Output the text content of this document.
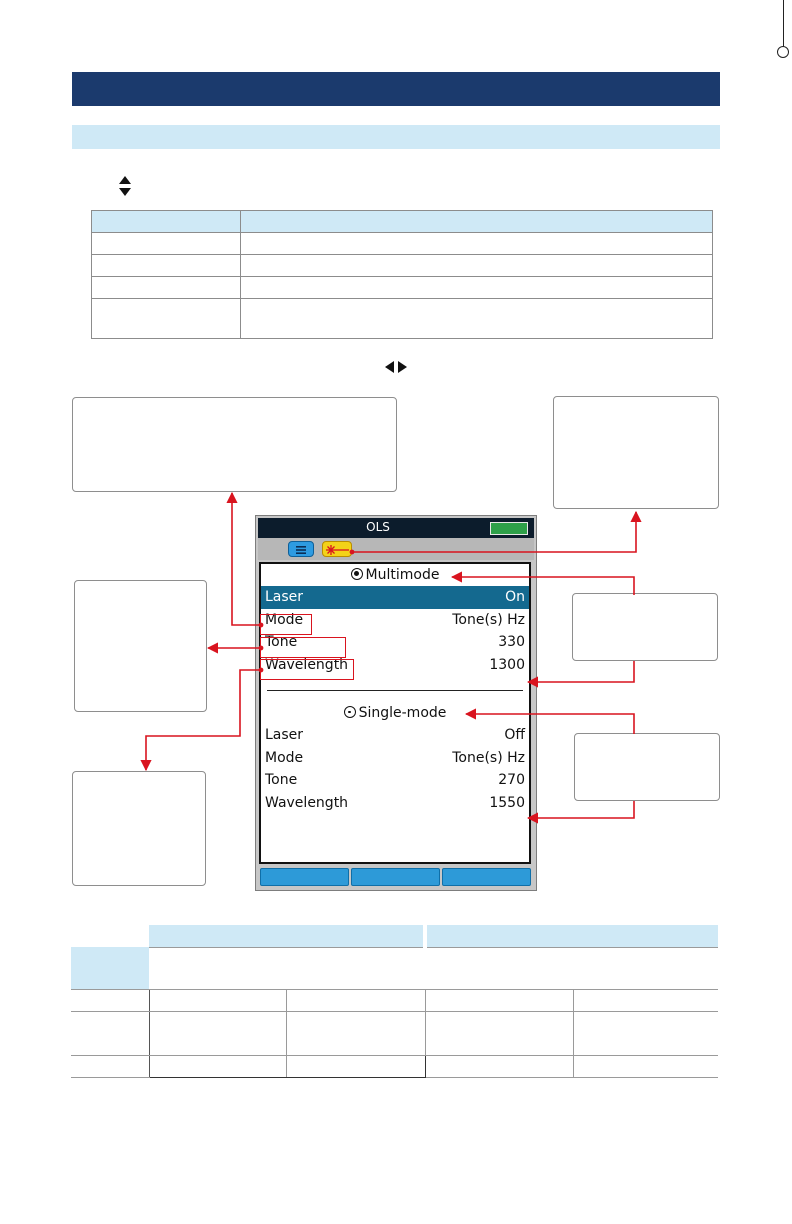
OLS
Multimode
Laser	On
Mode	Tone(s) Hz
Tone	330
Wavelength	1300
Single-mode
Laser	Off
Mode	Tone(s) Hz
Tone	270
Wavelength	1550
